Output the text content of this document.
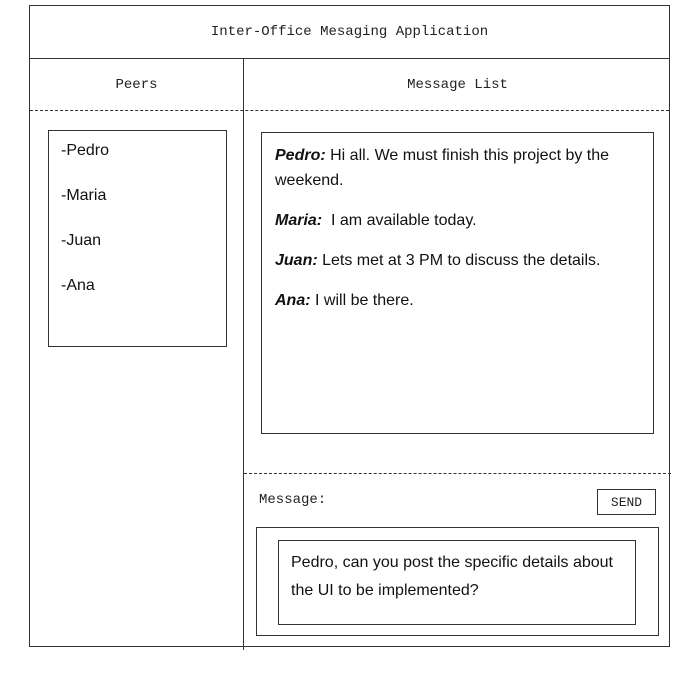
Inter-Office Mesaging Application
Peers	Message List
-Pedro
-Maria
-Juan
-Ana
Pedro: Hi all. We must finish this project by the weekend.
Maria:  I am available today.
Juan: Lets met at 3 PM to discuss the details.
Ana: I will be there.
Message:	SEND
Pedro, can you post the specific details about the UI to be implemented?
